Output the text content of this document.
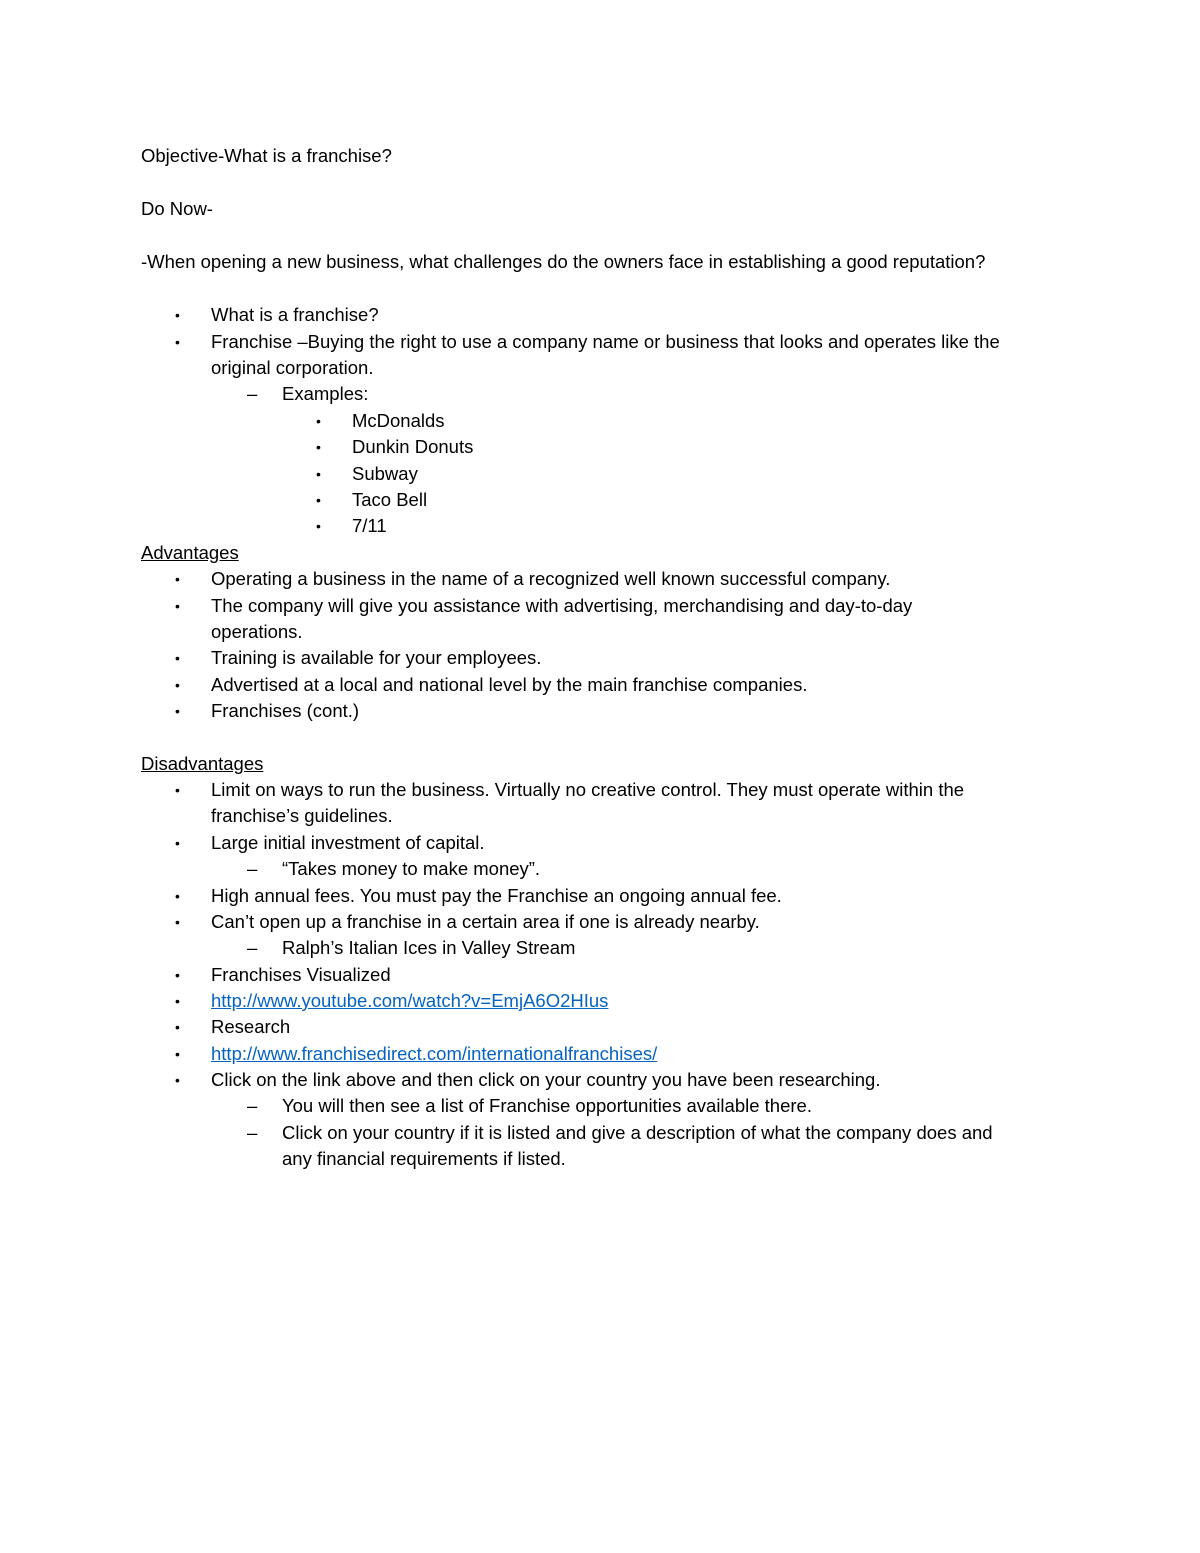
Objective-What is a franchise?
Do Now-
-When opening a new business, what challenges do the owners face in establishing a good reputation?
• What is a franchise?
• Franchise –Buying the right to use a company name or business that looks and operates like the
original corporation.
– Examples:
• McDonalds
• Dunkin Donuts
• Subway
• Taco Bell
• 7/11
Advantages
• Operating a business in the name of a recognized well known successful company.
• The company will give you assistance with advertising, merchandising and day-to-day
operations.
• Training is available for your employees.
• Advertised at a local and national level by the main franchise companies.
• Franchises (cont.)
Disadvantages
• Limit on ways to run the business. Virtually no creative control. They must operate within the
franchise’s guidelines.
• Large initial investment of capital.
– “Takes money to make money”.
• High annual fees. You must pay the Franchise an ongoing annual fee.
• Can’t open up a franchise in a certain area if one is already nearby.
– Ralph’s Italian Ices in Valley Stream
• Franchises Visualized
• http://www.youtube.com/watch?v=EmjA6O2HIus
• Research
• http://www.franchisedirect.com/internationalfranchises/
• Click on the link above and then click on your country you have been researching.
– You will then see a list of Franchise opportunities available there.
– Click on your country if it is listed and give a description of what the company does and
any financial requirements if listed.
